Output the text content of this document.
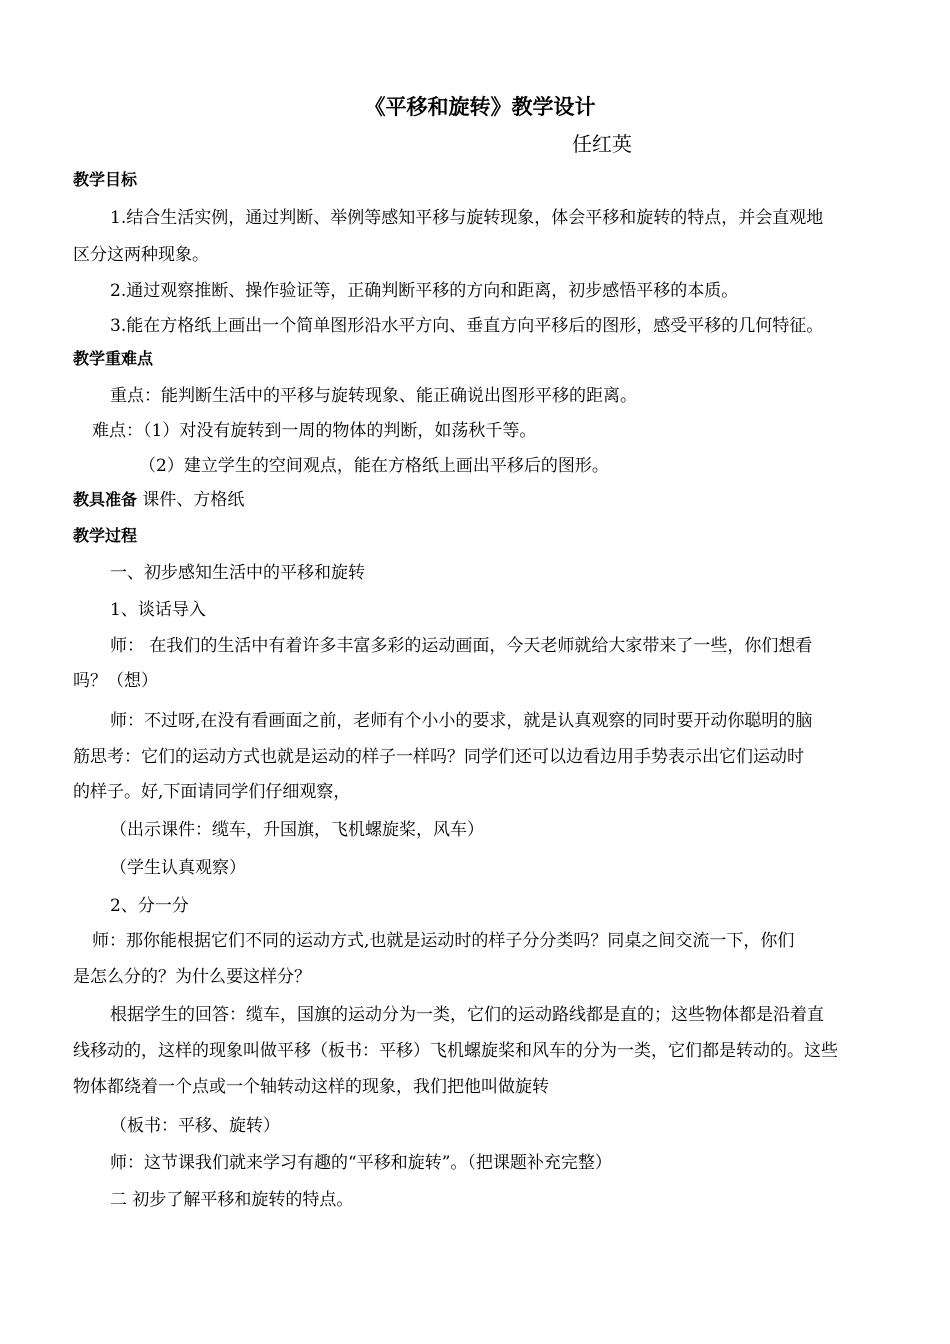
《平移和旋转》教学设计
任红英
教学目标
1.结合生活实例，通过判断、举例等感知平移与旋转现象，体会平移和旋转的特点，并会直观地
区分这两种现象。
2.通过观察推断、操作验证等，正确判断平移的方向和距离，初步感悟平移的本质。
3.能在方格纸上画出一个简单图形沿水平方向、垂直方向平移后的图形，感受平移的几何特征。
教学重难点
重点：能判断生活中的平移与旋转现象、能正确说出图形平移的距离。
难点：（1）对没有旋转到一周的物体的判断，如荡秋千等。
（2）建立学生的空间观点，能在方格纸上画出平移后的图形。
教具准备 课件、方格纸
教学过程
一、初步感知生活中的平移和旋转
1、谈话导入
师： 在我们的生活中有着许多丰富多彩的运动画面，今天老师就给大家带来了一些，你们想看
吗？（想）
师：不过呀,在没有看画面之前，老师有个小小的要求，就是认真观察的同时要开动你聪明的脑
筋思考：它们的运动方式也就是运动的样子一样吗？同学们还可以边看边用手势表示出它们运动时
的样子。好,下面请同学们仔细观察，
（出示课件：缆车，升国旗，飞机螺旋桨，风车）
（学生认真观察）
2、分一分
师：那你能根据它们不同的运动方式,也就是运动时的样子分分类吗？同桌之间交流一下，你们
是怎么分的？为什么要这样分？
根据学生的回答：缆车，国旗的运动分为一类，它们的运动路线都是直的；这些物体都是沿着直
线移动的，这样的现象叫做平移（板书：平移）飞机螺旋桨和风车的分为一类，它们都是转动的。这些
物体都绕着一个点或一个轴转动这样的现象，我们把他叫做旋转
（板书：平移、旋转）
师：这节课我们就来学习有趣的“平移和旋转”。（把课题补充完整）
二 初步了解平移和旋转的特点。
